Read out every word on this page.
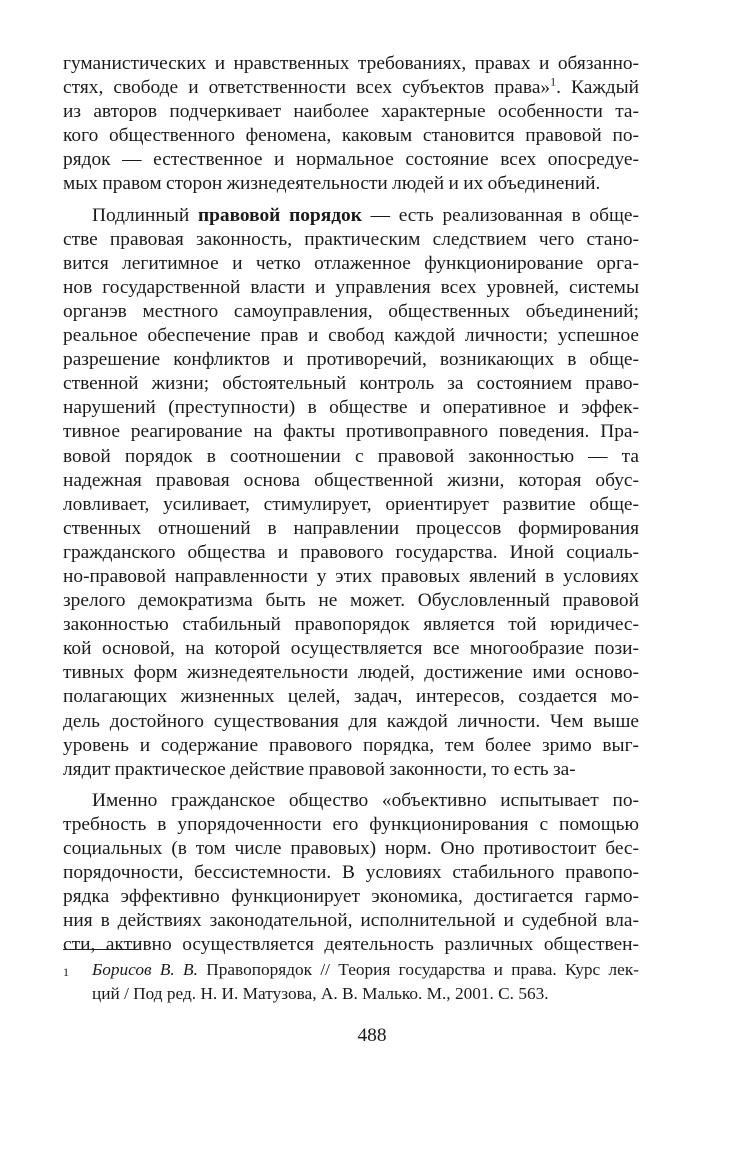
гуманистических и нравственных требованиях, правах и обязанно-
стях, свободе и ответственности всех субъектов права»$^1$. Каждый
из авторов подчеркивает наиболее характерные особенности та-
кого общественного феномена, каковым становится правовой по-
рядок — естественное и нормальное состояние всех опосредуе-
мых правом сторон жизнедеятельности людей и их объединений.

Подлинный правовой порядок — есть реализованная в обще-
стве правовая законность, практическим следствием чего стано-
вится легитимное и четко отлаженное функционирование орга-
нов государственной власти и управления всех уровней, системы
органэв местного самоуправления, общественных объединений;
реальное обеспечение прав и свобод каждой личности; успешное
разрешение конфликтов и противоречий, возникающих в обще-
ственной жизни; обстоятельный контроль за состоянием право-
нарушений (преступности) в обществе и оперативное и эффек-
тивное реагирование на факты противоправного поведения. Пра-
вовой порядок в соотношении с правовой законностью — та
надежная правовая основа общественной жизни, которая обус-
ловливает, усиливает, стимулирует, ориентирует развитие обще-
ственных отношений в направлении процессов формирования
гражданского общества и правового государства. Иной социаль-
но-правовой направленности у этих правовых явлений в условиях
зрелого демократизма быть не может. Обусловленный правовой
законностью стабильный правопорядок является той юридичес-
кой основой, на которой осуществляется все многообразие пози-
тивных форм жизнедеятельности людей, достижение ими осново-
полагающих жизненных целей, задач, интересов, создается мо-
дель достойного существования для каждой личности. Чем выше
уровень и содержание правового порядка, тем более зримо выг-
лядит практическое действие правовой законности, то есть за-

Именно гражданское общество «объективно испытывает по-
требность в упорядоченности его функционирования с помощью
социальных (в том числе правовых) норм. Оно противостоит бес-
порядочности, бессистемности. В условиях стабильного правопо-
рядка эффективно функционирует экономика, достигается гармо-
ния в действиях законодательной, исполнительной и судебной вла-
сти, активно осуществляется деятельность различных обществен-

1 Борисов В. В. Правопорядок // Теория государства и права. Курс лек-
ций / Под ред. Н. И. Матузова, А. В. Малько. М., 2001. С. 563.
488
